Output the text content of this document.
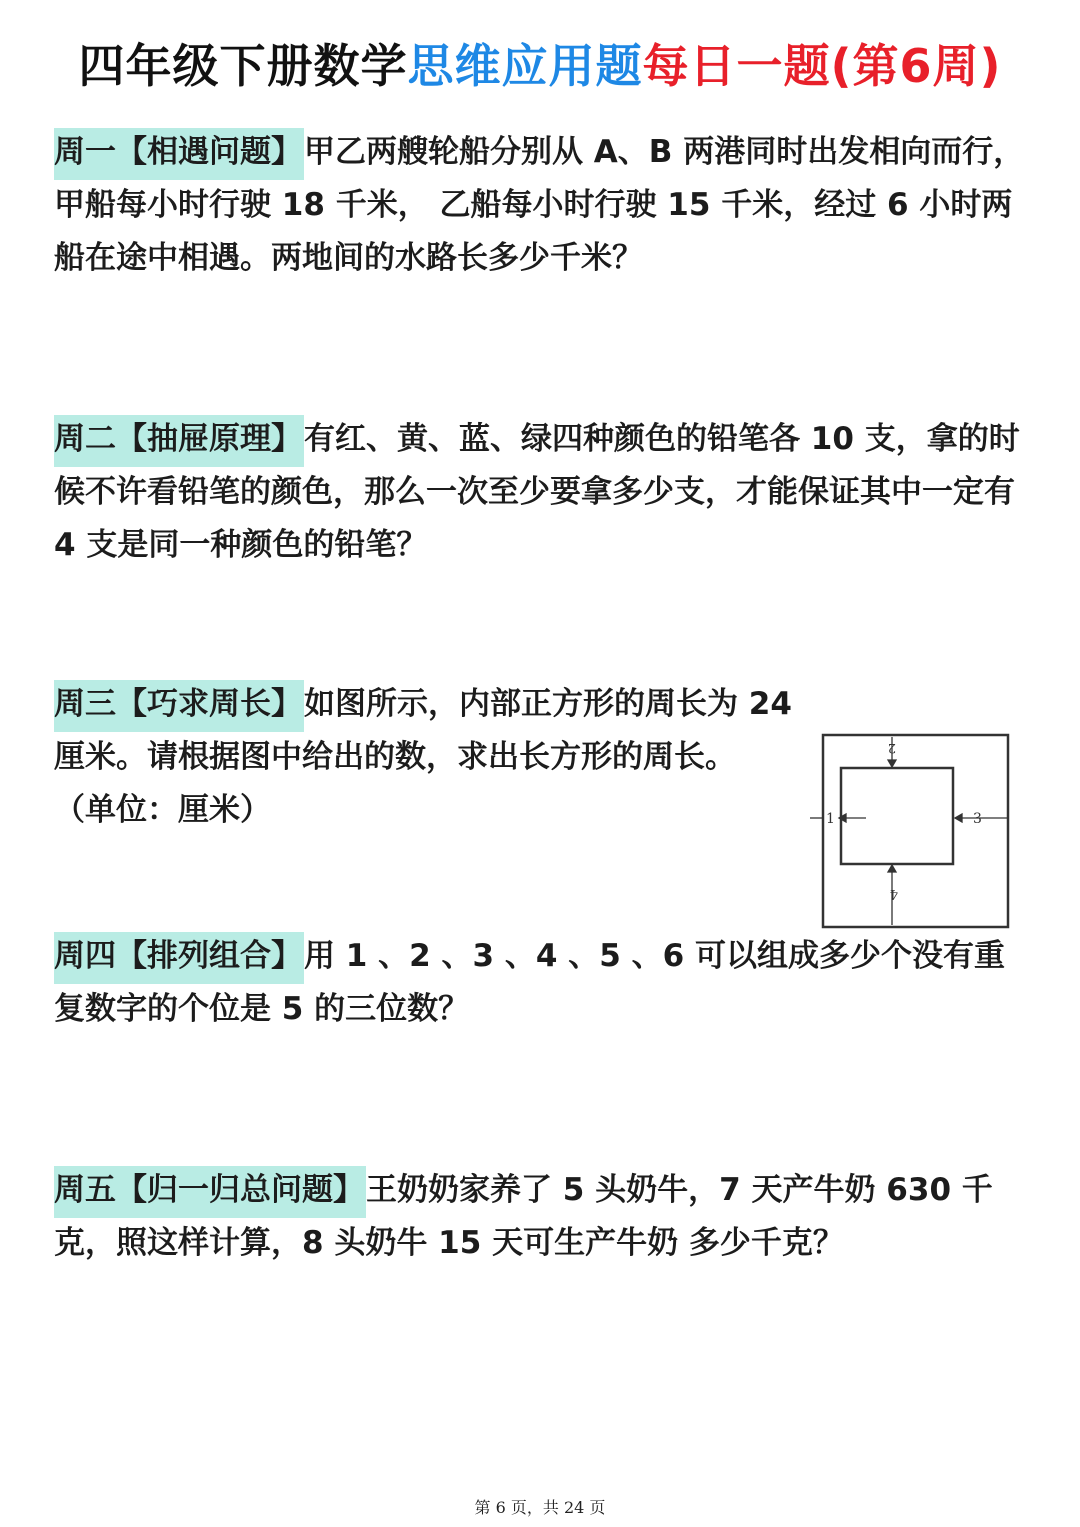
四年级下册数学思维应用题每日一题(第6周)
周一【相遇问题】甲乙两艘轮船分别从 A、B 两港同时出发相向而行，甲船每小时行驶 18 千米， 乙船每小时行驶 15 千米，经过 6 小时两船在途中相遇。两地间的水路长多少千米？
周二【抽屉原理】有红、黄、蓝、绿四种颜色的铅笔各 10 支，拿的时候不许看铅笔的颜色，那么一次至少要拿多少支，才能保证其中一定有 4 支是同一种颜色的铅笔？
周三【巧求周长】如图所示，内部正方形的周长为 24 厘米。请根据图中给出的数，求出长方形的周长。
（单位：厘米）
2
1	3
4
周四【排列组合】用 1 、2 、3 、4 、5 、6 可以组成多少个没有重复数字的个位是 5 的三位数？
周五【归一归总问题】王奶奶家养了 5 头奶牛，7 天产牛奶 630 千克，照这样计算，8 头奶牛 15 天可生产牛奶 多少千克？
第 6 页，共 24 页
